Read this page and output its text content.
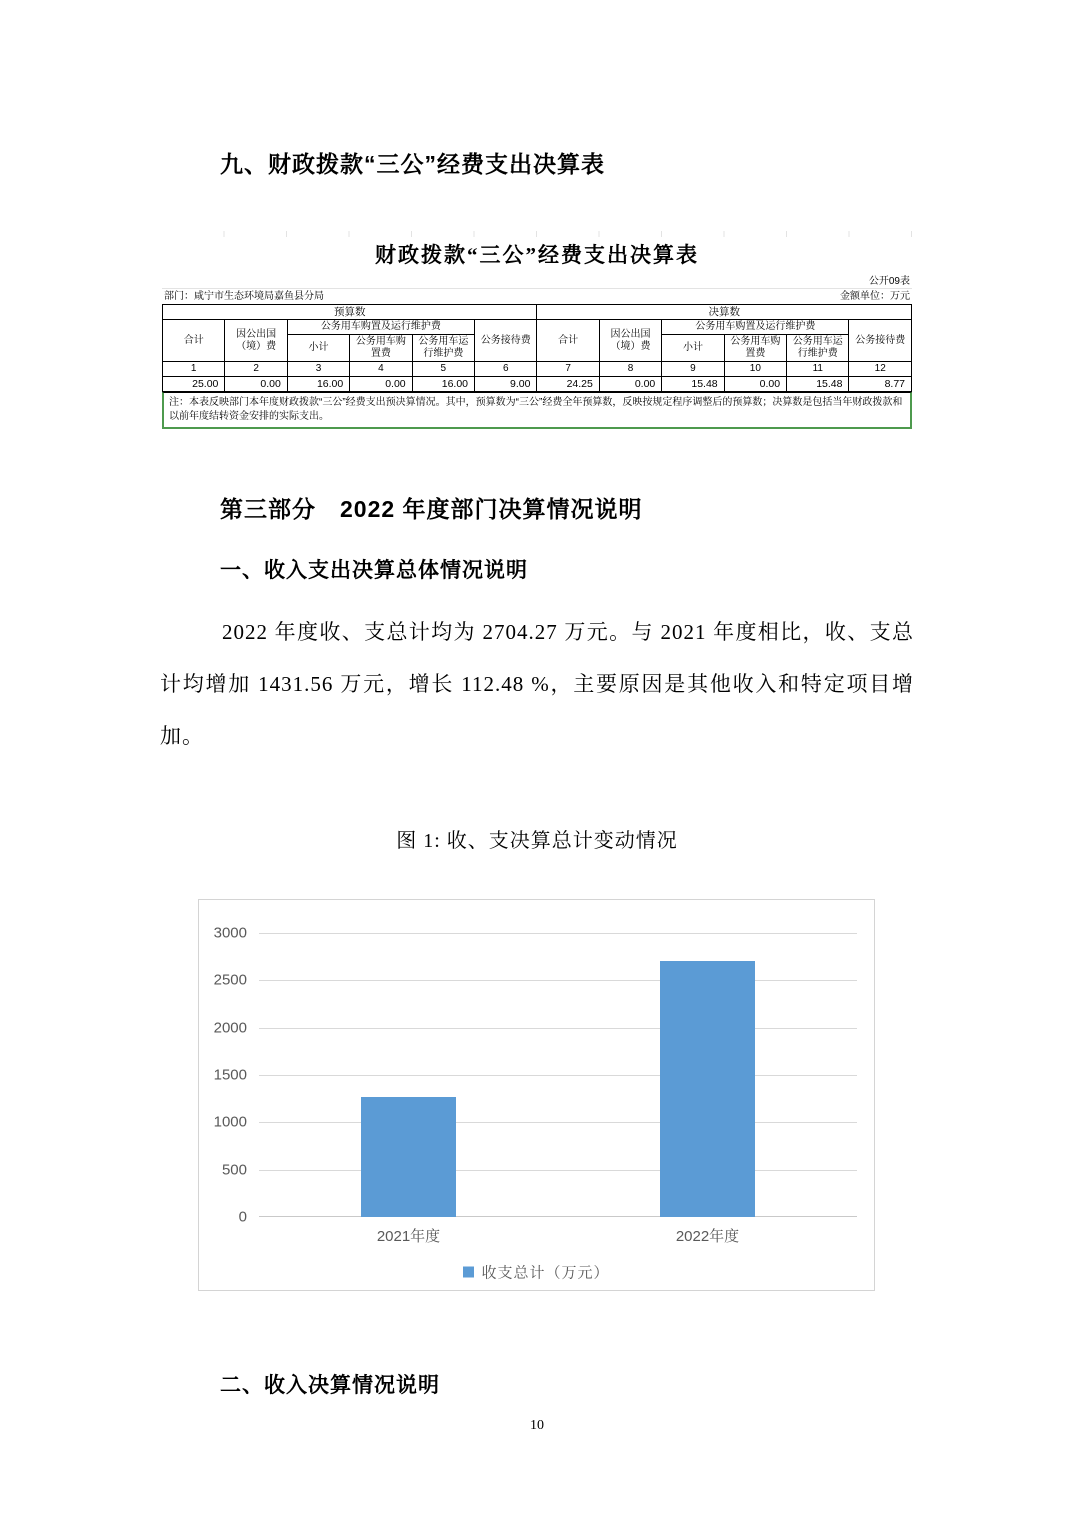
九、财政拨款“三公”经费支出决算表
财政拨款“三公”经费支出决算表
公开09表
部门：咸宁市生态环境局嘉鱼县分局	金额单位：万元
预算数						决算数					
合计	因公出国（境）费	公务用车购置及运行维护费			公务接待费	合计	因公出国（境）费	公务用车购置及运行维护费			公务接待费
		小计	公务用车购置费	公务用车运行维护费				小计	公务用车购置费	公务用车运行维护费	
1	2	3	4	5	6	7	8	9	10	11	12
25.00	0.00	16.00	0.00	16.00	9.00	24.25	0.00	15.48	0.00	15.48	8.77
注：本表反映部门本年度财政拨款“三公”经费支出预决算情况。其中，预算数为“三公”经费全年预算数，反映按规定程序调整后的预算数；决算数是包括当年财政拨款和以前年度结转资金安排的实际支出。
第三部分　2022 年度部门决算情况说明
一、收入支出决算总体情况说明
2022 年度收、支总计均为 2704.27 万元。与 2021 年度相比，收、支总计均增加 1431.56 万元，增长 112.48 %，主要原因是其他收入和特定项目增加。
图 1: 收、支决算总计变动情况
0
500
1000
1500
2000
2500
3000
2021年度	2022年度
收支总计（万元）
二、收入决算情况说明
10
